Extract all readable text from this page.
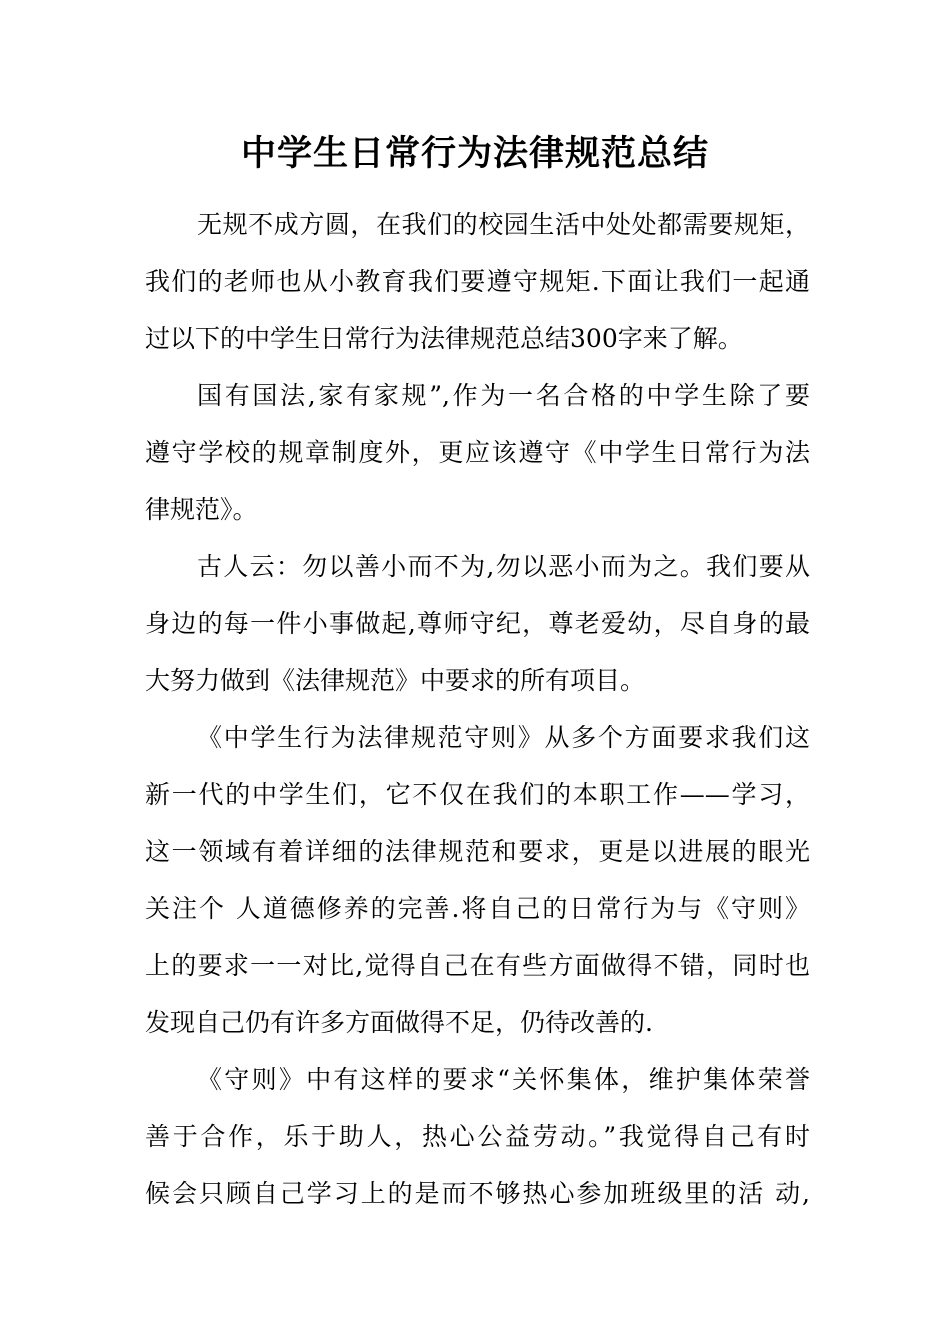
中学生日常行为法律规范总结

无规不成方圆，在我们的校园生活中处处都需要规矩，
我们的老师也从小教育我们要遵守规矩.下面让我们一起通
过以下的中学生日常行为法律规范总结300字来了解。

国有国法,家有家规”,作为一名合格的中学生除了要
遵守学校的规章制度外，更应该遵守《中学生日常行为法
律规范》。

古人云：勿以善小而不为,勿以恶小而为之。我们要从
身边的每一件小事做起,尊师守纪，尊老爱幼，尽自身的最
大努力做到《法律规范》中要求的所有项目。

《中学生行为法律规范守则》从多个方面要求我们这
新一代的中学生们，它不仅在我们的本职工作——学习，
这一领域有着详细的法律规范和要求，更是以进展的眼光
关注个 人道德修养的完善.将自己的日常行为与《守则》
上的要求一一对比,觉得自己在有些方面做得不错，同时也
发现自己仍有许多方面做得不足，仍待改善的.

《守则》中有这样的要求“关怀集体，维护集体荣誉
善于合作，乐于助人，热心公益劳动。”我觉得自己有时
候会只顾自己学习上的是而不够热心参加班级里的活 动,
